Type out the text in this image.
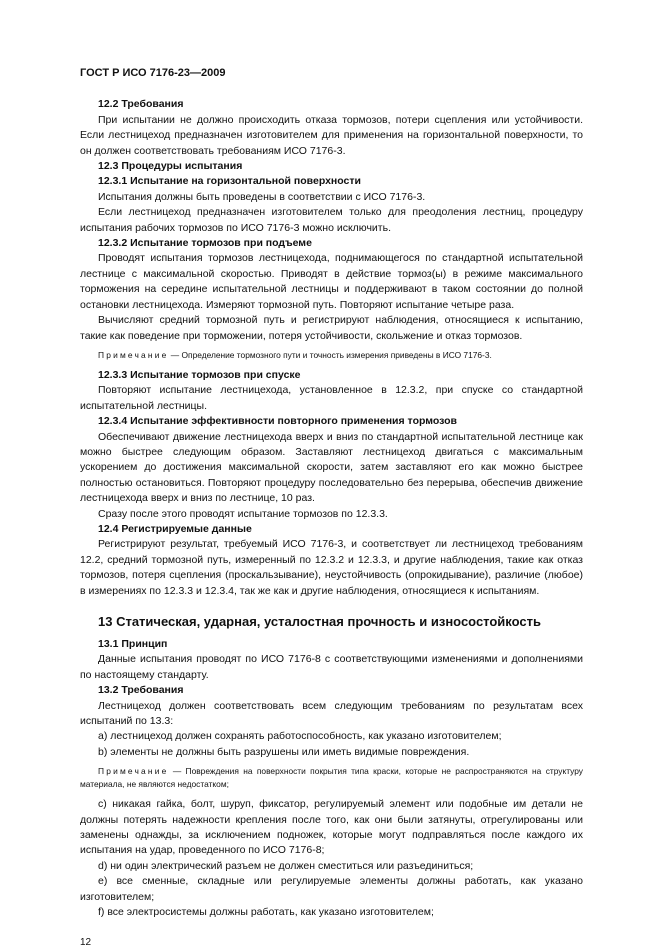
ГОСТ Р ИСО 7176-23—2009
12.2 Требования
При испытании не должно происходить отказа тормозов, потери сцепления или устойчивости. Если лестницеход предназначен изготовителем для применения на горизонтальной поверхности, то он должен соответствовать требованиям ИСО 7176-3.
12.3 Процедуры испытания
12.3.1 Испытание на горизонтальной поверхности
Испытания должны быть проведены в соответствии с ИСО 7176-3.
Если лестницеход предназначен изготовителем только для преодоления лестниц, процедуру испытания рабочих тормозов по ИСО 7176-3 можно исключить.
12.3.2 Испытание тормозов при подъеме
Проводят испытания тормозов лестницехода, поднимающегося по стандартной испытательной лестнице с максимальной скоростью. Приводят в действие тормоз(ы) в режиме максимального торможения на середине испытательной лестницы и поддерживают в таком состоянии до полной остановки лестницехода. Измеряют тормозной путь. Повторяют испытание четыре раза.
Вычисляют средний тормозной путь и регистрируют наблюдения, относящиеся к испытанию, такие как поведение при торможении, потеря устойчивости, скольжение и отказ тормозов.
Примечание — Определение тормозного пути и точность измерения приведены в ИСО 7176-3.
12.3.3 Испытание тормозов при спуске
Повторяют испытание лестницехода, установленное в 12.3.2, при спуске со стандартной испытательной лестницы.
12.3.4 Испытание эффективности повторного применения тормозов
Обеспечивают движение лестницехода вверх и вниз по стандартной испытательной лестнице как можно быстрее следующим образом. Заставляют лестницеход двигаться с максимальным ускорением до достижения максимальной скорости, затем заставляют его как можно быстрее полностью остановиться. Повторяют процедуру последовательно без перерыва, обеспечив движение лестницехода вверх и вниз по лестнице, 10 раз.
Сразу после этого проводят испытание тормозов по 12.3.3.
12.4 Регистрируемые данные
Регистрируют результат, требуемый ИСО 7176-3, и соответствует ли лестницеход требованиям 12.2, средний тормозной путь, измеренный по 12.3.2 и 12.3.3, и другие наблюдения, такие как отказ тормозов, потеря сцепления (проскальзывание), неустойчивость (опрокидывание), различие (любое) в измерениях по 12.3.3 и 12.3.4, так же как и другие наблюдения, относящиеся к испытаниям.
13 Статическая, ударная, усталостная прочность и износостойкость
13.1 Принцип
Данные испытания проводят по ИСО 7176-8 с соответствующими изменениями и дополнениями по настоящему стандарту.
13.2 Требования
Лестницеход должен соответствовать всем следующим требованиям по результатам всех испытаний по 13.3:
a) лестницеход должен сохранять работоспособность, как указано изготовителем;
b) элементы не должны быть разрушены или иметь видимые повреждения.
Примечание — Повреждения на поверхности покрытия типа краски, которые не распространяются на структуру материала, не являются недостатком;
c) никакая гайка, болт, шуруп, фиксатор, регулируемый элемент или подобные им детали не должны потерять надежности крепления после того, как они были затянуты, отрегулированы или заменены однажды, за исключением подножек, которые могут подправляться после каждого их испытания на удар, проведенного по ИСО 7176-8;
d) ни один электрический разъем не должен сместиться или разъединиться;
e) все сменные, складные или регулируемые элементы должны работать, как указано изготовителем;
f) все электросистемы должны работать, как указано изготовителем;
12
